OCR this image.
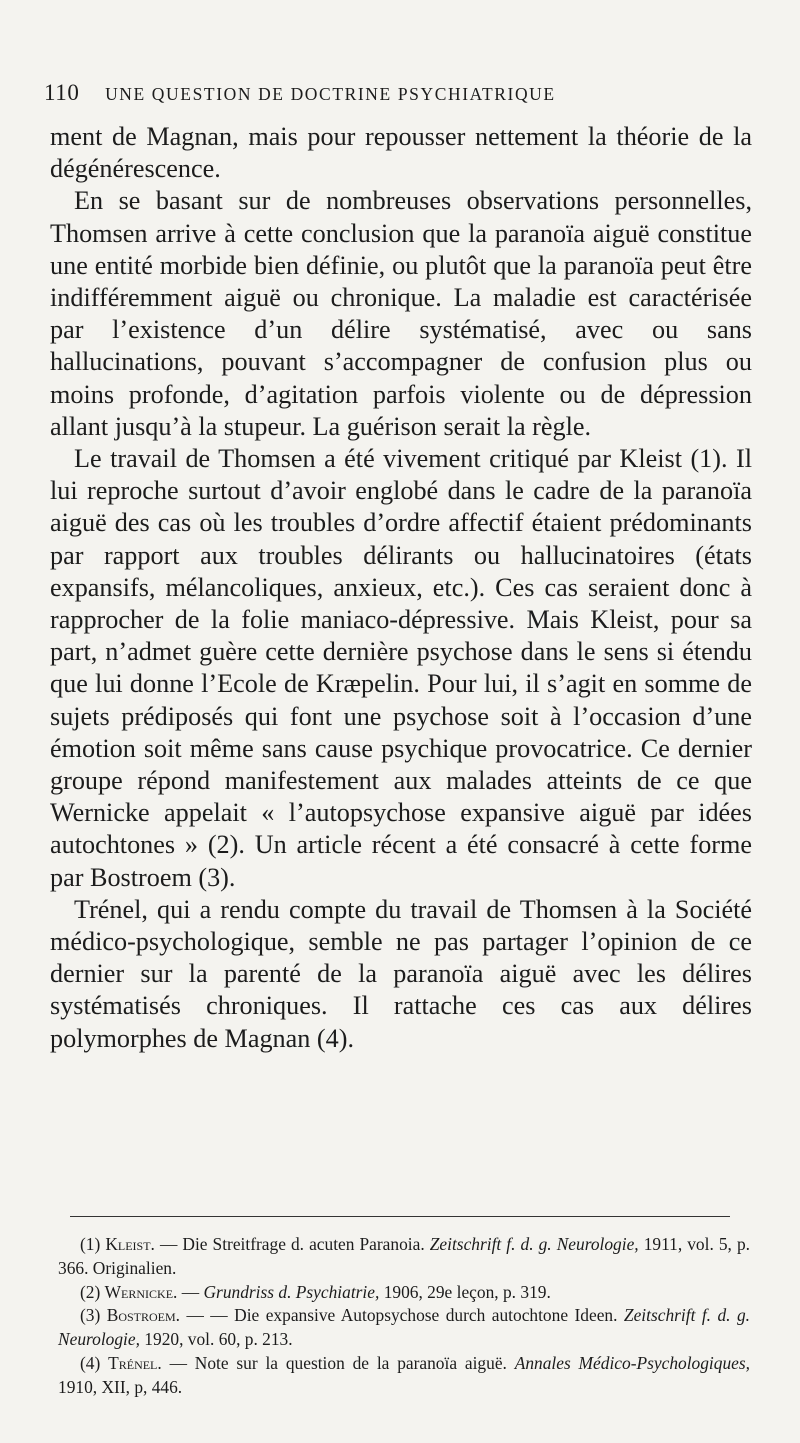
110 UNE QUESTION DE DOCTRINE PSYCHIATRIQUE

ment de Magnan, mais pour repousser nettement la théorie de la dégénérescence.

En se basant sur de nombreuses observations personnelles, Thomsen arrive à cette conclusion que la paranoïa aiguë constitue une entité morbide bien définie, ou plutôt que la paranoïa peut être indifféremment aiguë ou chronique. La maladie est caractérisée par l’existence d’un délire systématisé, avec ou sans hallucinations, pouvant s’accompagner de confusion plus ou moins profonde, d’agitation parfois violente ou de dépression allant jusqu’à la stupeur. La guérison serait la règle.

Le travail de Thomsen a été vivement critiqué par Kleist (1). Il lui reproche surtout d’avoir englobé dans le cadre de la paranoïa aiguë des cas où les troubles d’ordre affectif étaient prédominants par rapport aux troubles délirants ou hallucinatoires (états expansifs, mélancoliques, anxieux, etc.). Ces cas seraient donc à rapprocher de la folie maniaco-dépressive. Mais Kleist, pour sa part, n’admet guère cette dernière psychose dans le sens si étendu que lui donne l’Ecole de Kræpelin. Pour lui, il s’agit en somme de sujets prédiposés qui font une psychose soit à l’occasion d’une émotion soit même sans cause psychique provocatrice. Ce dernier groupe répond manifestement aux malades atteints de ce que Wernicke appelait « l’autopsychose expansive aiguë par idées autochtones » (2). Un article récent a été consacré à cette forme par Bostroem (3).

Trénel, qui a rendu compte du travail de Thomsen à la Société médico-psychologique, semble ne pas partager l’opinion de ce dernier sur la parenté de la paranoïa aiguë avec les délires systématisés chroniques. Il rattache ces cas aux délires polymorphes de Magnan (4).

(1) Kleist. — Die Streitfrage d. acuten Paranoia. Zeitschrift f. d. g. Neurologie, 1911, vol. 5, p. 366. Originalien.

(2) Wernicke. — Grundriss d. Psychiatrie, 1906, 29e leçon, p. 319.

(3) Bostroem. — — Die expansive Autopsychose durch autochtone Ideen. Zeitschrift f. d. g. Neurologie, 1920, vol. 60, p. 213.

(4) Trénel. — Note sur la question de la paranoïa aiguë. Annales Médico-Psychologiques, 1910, XII, p, 446.
